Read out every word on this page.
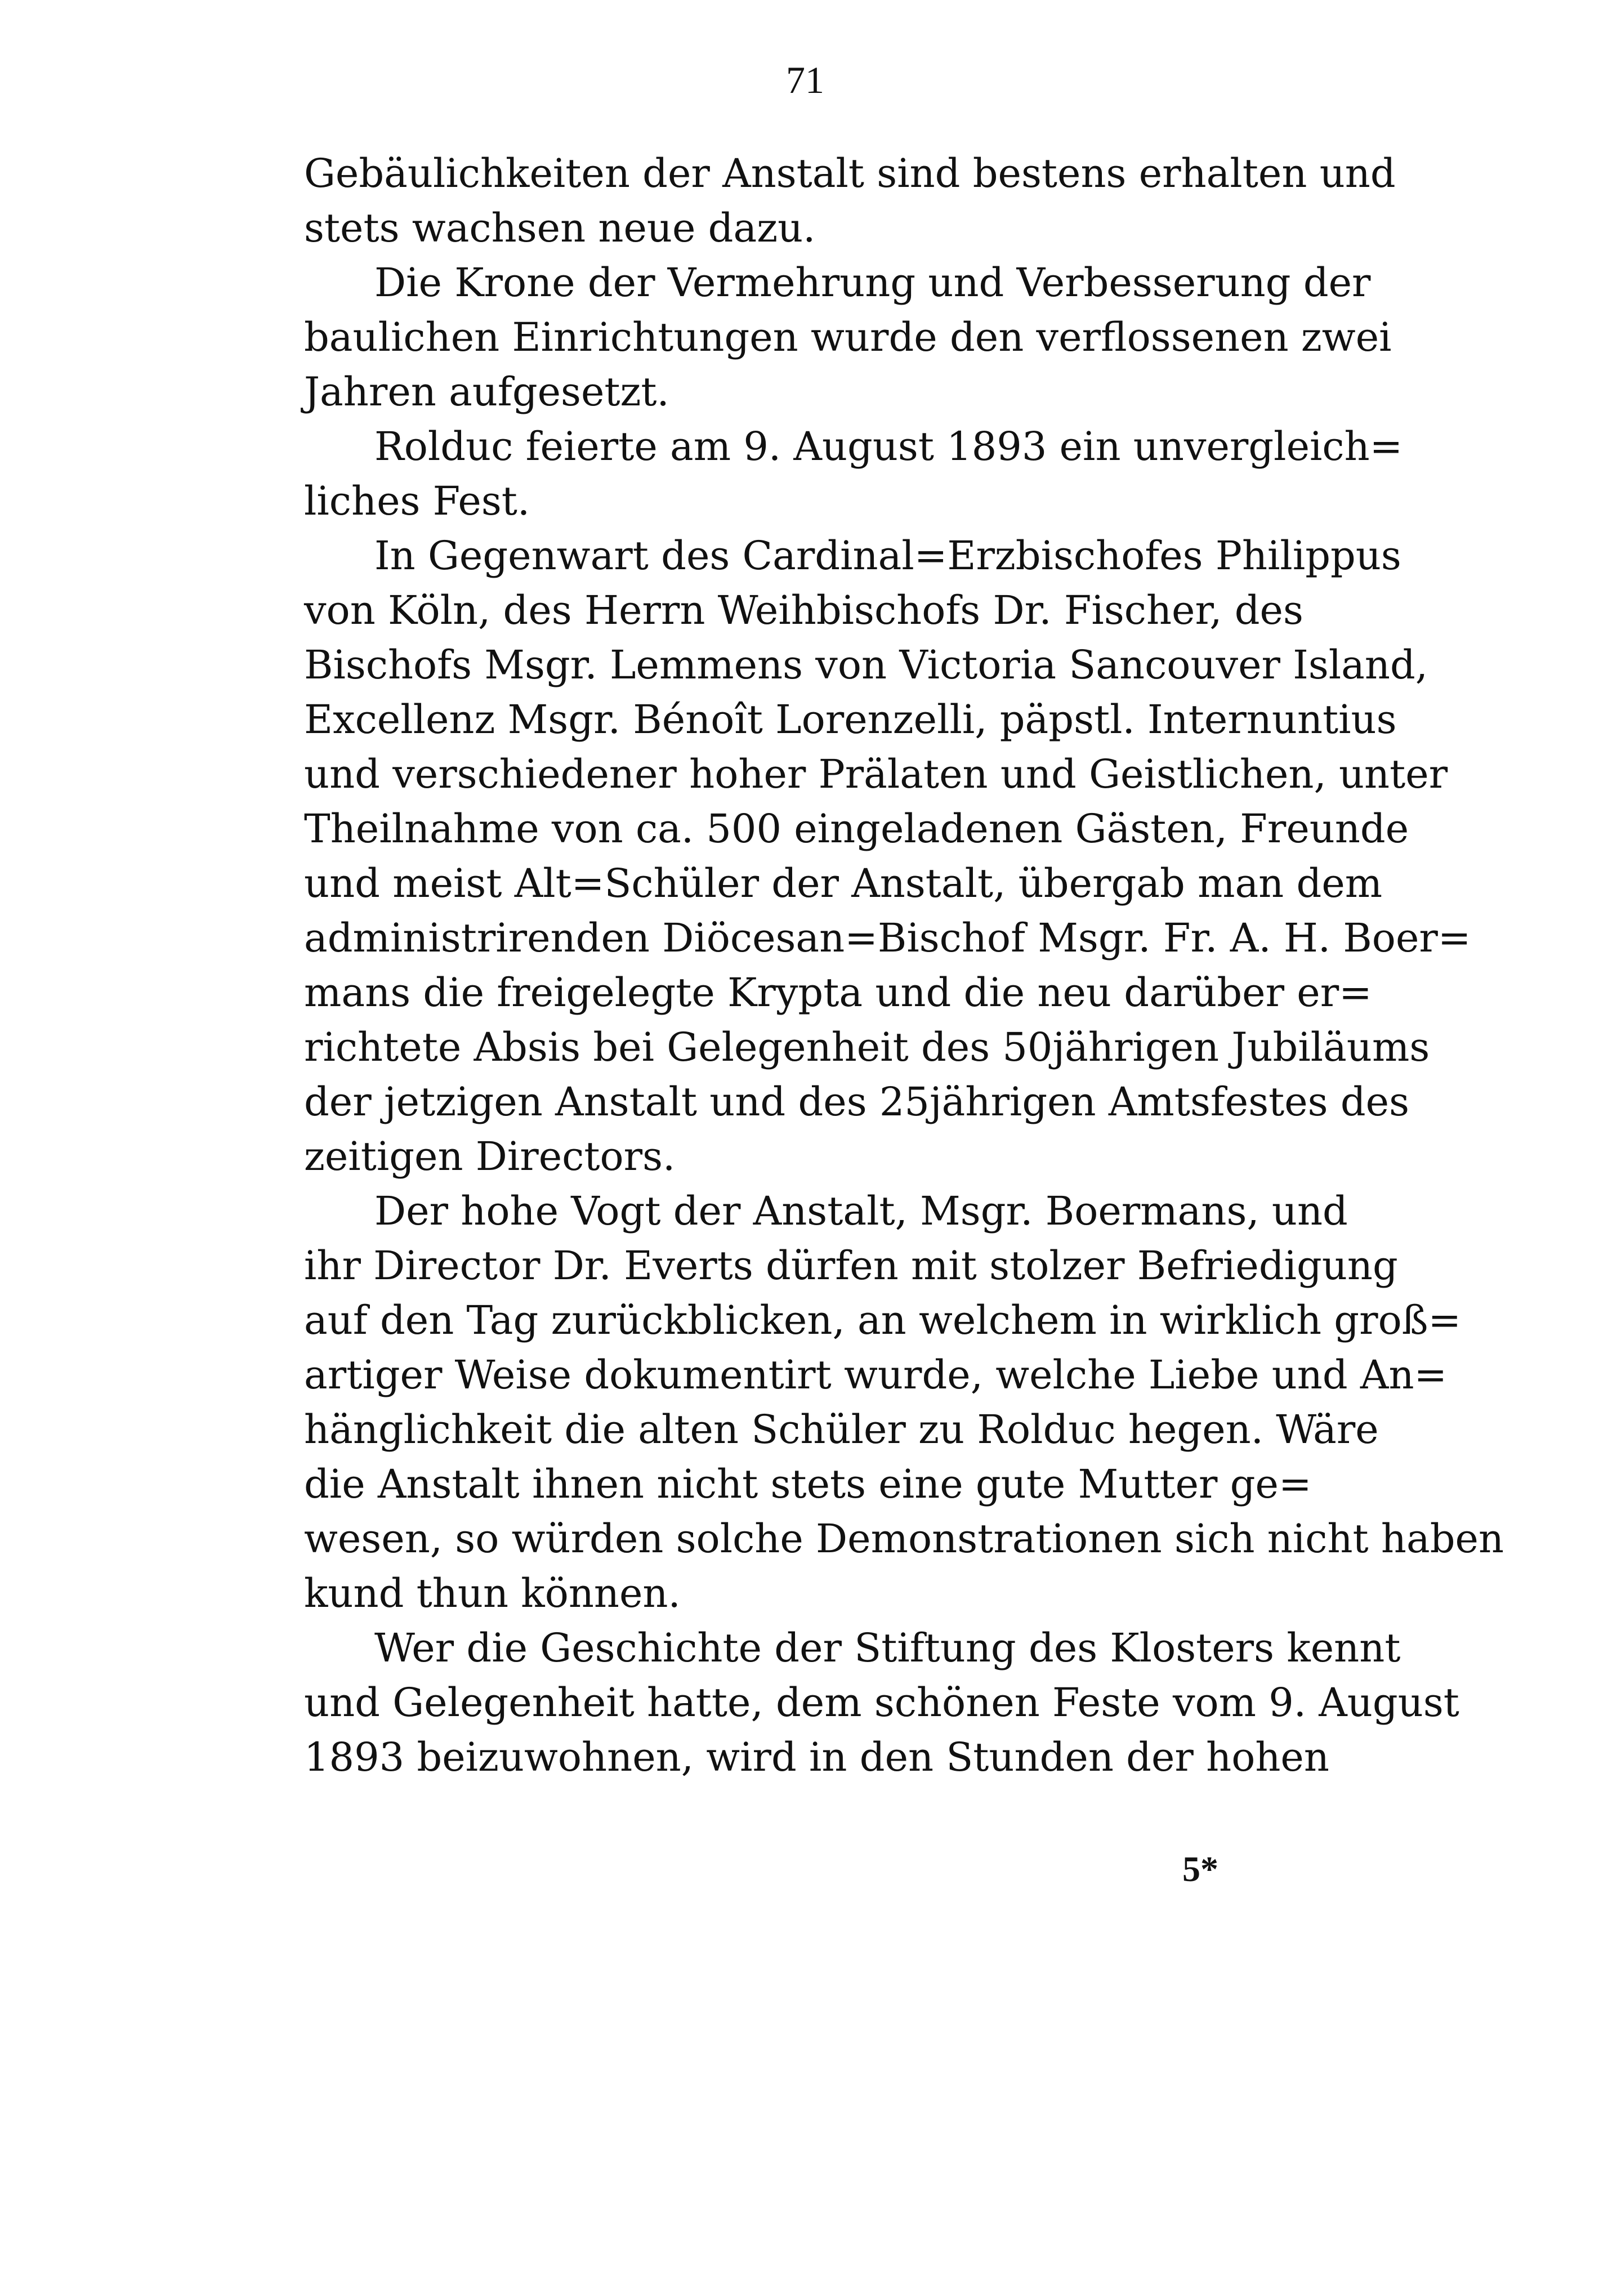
71
Gebäulichkeiten der Anstalt sind bestens erhalten und
stets wachsen neue dazu.
Die Krone der Vermehrung und Verbesserung der
baulichen Einrichtungen wurde den verflossenen zwei
Jahren aufgesetzt.
Rolduc feierte am 9. August 1893 ein unvergleich=
liches Fest.
In Gegenwart des Cardinal=Erzbischofes Philippus
von Köln, des Herrn Weihbischofs Dr. Fischer, des
Bischofs Msgr. Lemmens von Victoria Sancouver Island,
Excellenz Msgr. Bénoît Lorenzelli, päpstl. Internuntius
und verschiedener hoher Prälaten und Geistlichen, unter
Theilnahme von ca. 500 eingeladenen Gästen, Freunde
und meist Alt=Schüler der Anstalt, übergab man dem
administrirenden Diöcesan=Bischof Msgr. Fr. A. H. Boer=
mans die freigelegte Krypta und die neu darüber er=
richtete Absis bei Gelegenheit des 50jährigen Jubiläums
der jetzigen Anstalt und des 25jährigen Amtsfestes des
zeitigen Directors.
Der hohe Vogt der Anstalt, Msgr. Boermans, und
ihr Director Dr. Everts dürfen mit stolzer Befriedigung
auf den Tag zurückblicken, an welchem in wirklich groß=
artiger Weise dokumentirt wurde, welche Liebe und An=
hänglichkeit die alten Schüler zu Rolduc hegen. Wäre
die Anstalt ihnen nicht stets eine gute Mutter ge=
wesen, so würden solche Demonstrationen sich nicht haben
kund thun können.
Wer die Geschichte der Stiftung des Klosters kennt
und Gelegenheit hatte, dem schönen Feste vom 9. August
1893 beizuwohnen, wird in den Stunden der hohen
5*
